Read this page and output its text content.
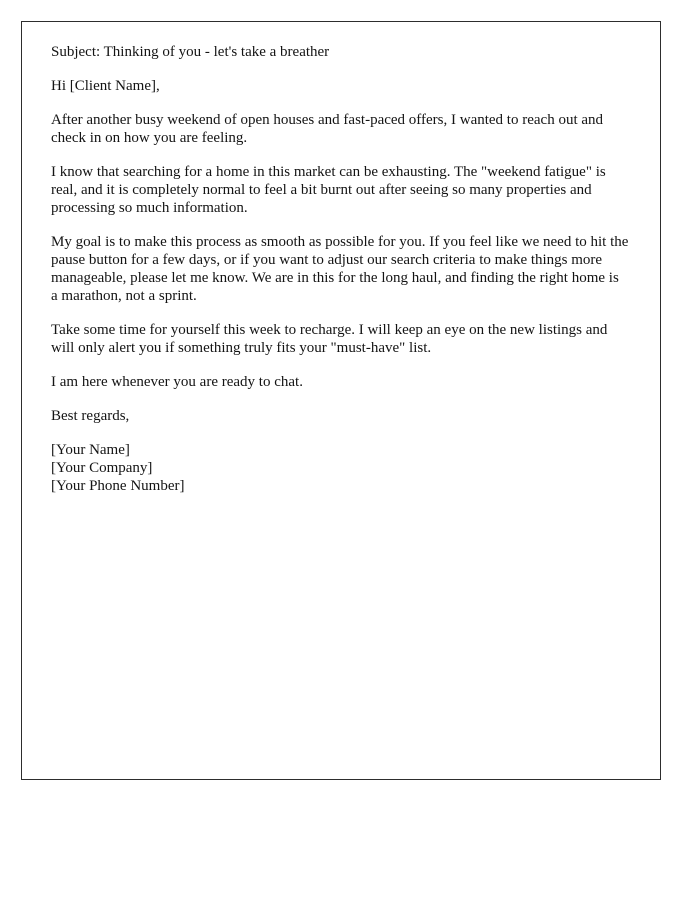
Subject: Thinking of you - let's take a breather

Hi [Client Name],

After another busy weekend of open houses and fast-paced offers, I wanted to reach out and check in on how you are feeling.

I know that searching for a home in this market can be exhausting. The "weekend fatigue" is real, and it is completely normal to feel a bit burnt out after seeing so many properties and processing so much information.

My goal is to make this process as smooth as possible for you. If you feel like we need to hit the pause button for a few days, or if you want to adjust our search criteria to make things more manageable, please let me know. We are in this for the long haul, and finding the right home is a marathon, not a sprint.

Take some time for yourself this week to recharge. I will keep an eye on the new listings and will only alert you if something truly fits your "must-have" list.

I am here whenever you are ready to chat.

Best regards,

[Your Name]
[Your Company]
[Your Phone Number]
